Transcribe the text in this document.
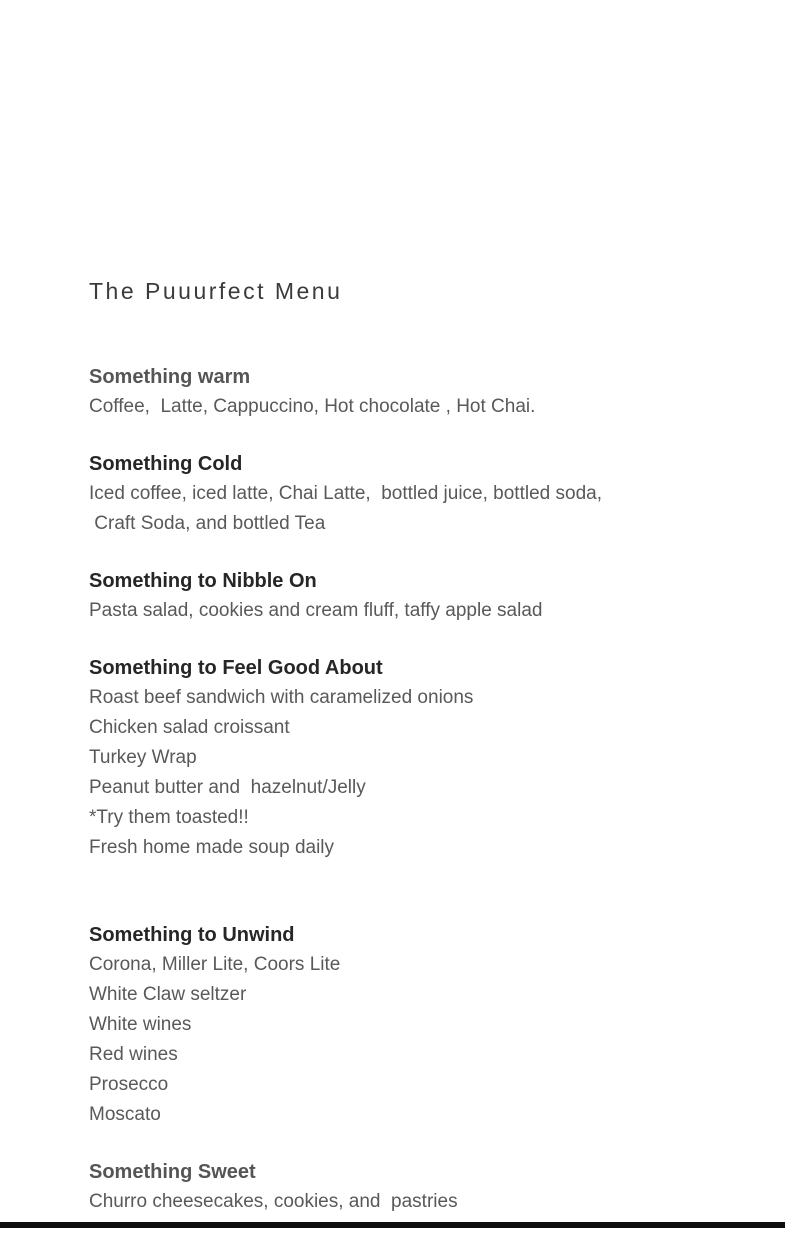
The Puuurfect Menu
Something warm
Coffee,  Latte, Cappuccino, Hot chocolate , Hot Chai.
Something Cold
Iced coffee, iced latte, Chai Latte,  bottled juice, bottled soda,
Craft Soda, and bottled Tea
Something to Nibble On
Pasta salad, cookies and cream fluff, taffy apple salad
Something to Feel Good About
Roast beef sandwich with caramelized onions
Chicken salad croissant
Turkey Wrap
Peanut butter and  hazelnut/Jelly
*Try them toasted!!
Fresh home made soup daily
Something to Unwind
Corona, Miller Lite, Coors Lite
White Claw seltzer
White wines
Red wines
Prosecco
Moscato
Something Sweet
Churro cheesecakes, cookies, and  pastries
